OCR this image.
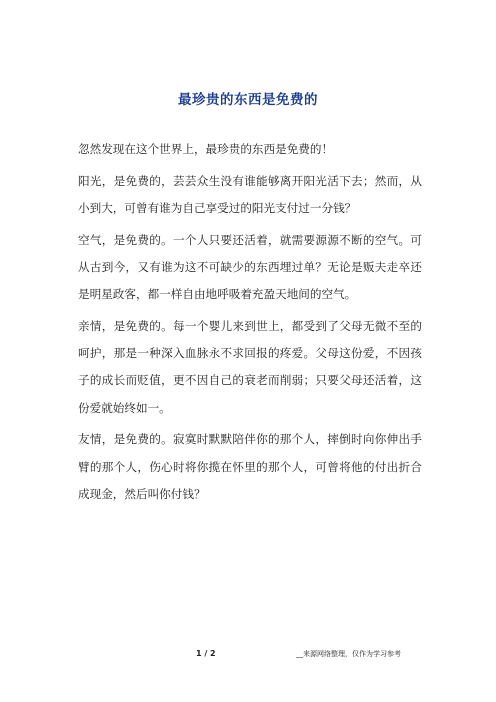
最珍贵的东西是免费的

忽然发现在这个世界上，最珍贵的东西是免费的！

阳光，是免费的，芸芸众生没有谁能够离开阳光活下去；然而，从小到大，可曾有谁为自己享受过的阳光支付过一分钱？

空气，是免费的。一个人只要还活着，就需要源源不断的空气。可从古到今，又有谁为这不可缺少的东西埋过单？无论是贩夫走卒还是明星政客，都一样自由地呼吸着充盈天地间的空气。

亲情，是免费的。每一个婴儿来到世上，都受到了父母无微不至的呵护，那是一种深入血脉永不求回报的疼爱。父母这份爱，不因孩子的成长而贬值，更不因自己的衰老而削弱；只要父母还活着，这份爱就始终如一。

友情，是免费的。寂寞时默默陪伴你的那个人，摔倒时向你伸出手臂的那个人，伤心时将你揽在怀里的那个人，可曾将他的付出折合成现金，然后叫你付钱？

1 / 2	__来源网络整理，仅作为学习参考
